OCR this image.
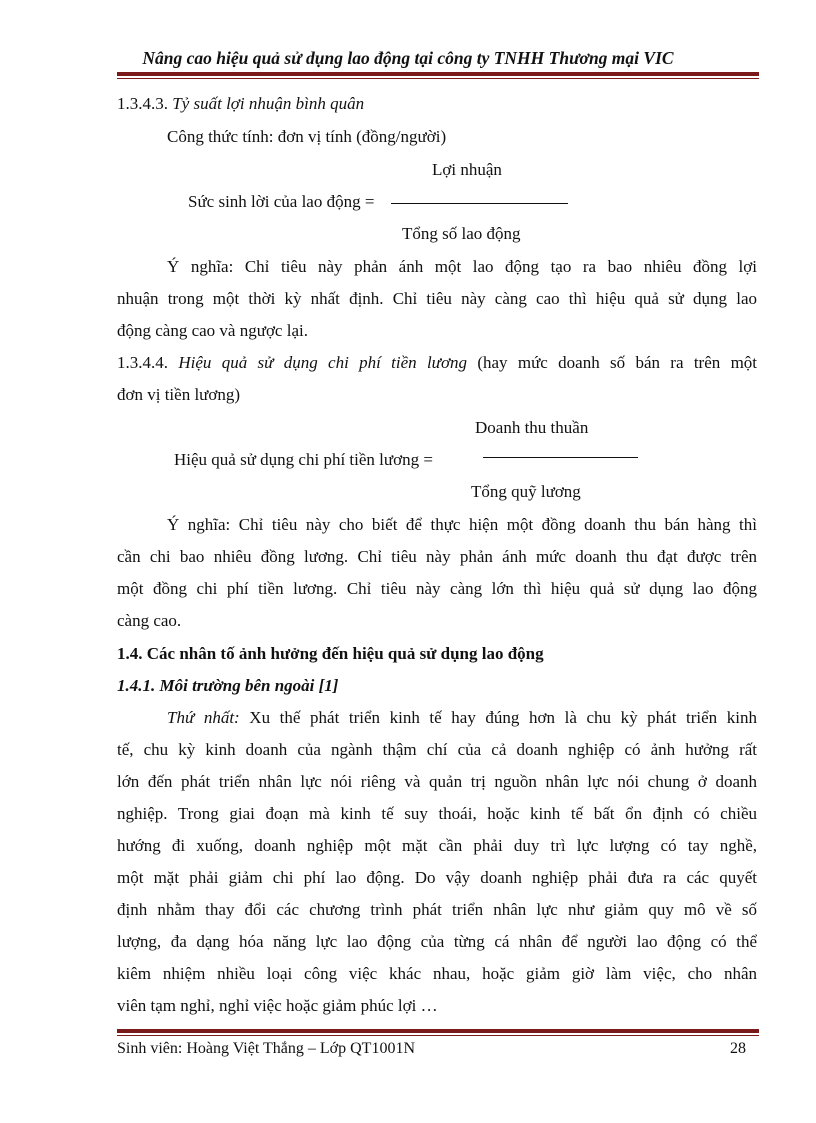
Nâng cao hiệu quả sử dụng lao động tại công ty TNHH Thương mại VIC
1.3.4.3. Tỷ suất lợi nhuận bình quân
Công thức tính: đơn vị tính (đồng/người)
Lợi nhuận
Sức sinh lời của lao động =
Tổng số lao động
Ý nghĩa: Chỉ tiêu này phản ánh một lao động tạo ra bao nhiêu đồng lợi
nhuận trong một thời kỳ nhất định. Chỉ tiêu này càng cao thì hiệu quả sử dụng lao
động càng cao và ngược lại.
1.3.4.4. Hiệu quả sử dụng chi phí tiền lương (hay mức doanh số bán ra trên một
đơn vị tiền lương)
Doanh thu thuần
Hiệu quả sử dụng chi phí tiền lương =
Tổng quỹ lương
Ý nghĩa: Chỉ tiêu này cho biết để thực hiện một đồng doanh thu bán hàng thì
cần chi bao nhiêu đồng lương. Chỉ tiêu này phản ánh mức doanh thu đạt được trên
một đồng chi phí tiền lương. Chỉ tiêu này càng lớn thì hiệu quả sử dụng lao động
càng cao.
1.4. Các nhân tố ảnh hưởng đến hiệu quả sử dụng lao động
1.4.1. Môi trường bên ngoài [1]
Thứ nhất: Xu thế phát triển kinh tế hay đúng hơn là chu kỳ phát triển kinh
tế, chu kỳ kinh doanh của ngành thậm chí của cả doanh nghiệp có ảnh hưởng rất
lớn đến phát triển nhân lực nói riêng và quản trị nguồn nhân lực nói chung ở doanh
nghiệp. Trong giai đoạn mà kinh tế suy thoái, hoặc kinh tế bất ổn định có chiều
hướng đi xuống, doanh nghiệp một mặt cần phải duy trì lực lượng có tay nghề,
một mặt phải giảm chi phí lao động. Do vậy doanh nghiệp phải đưa ra các quyết
định nhằm thay đổi các chương trình phát triển nhân lực như giảm quy mô về số
lượng, đa dạng hóa năng lực lao động của từng cá nhân để người lao động có thể
kiêm nhiệm nhiều loại công việc khác nhau, hoặc giảm giờ làm việc, cho nhân
viên tạm nghỉ, nghỉ việc hoặc giảm phúc lợi …
Sinh viên: Hoàng Việt Thắng – Lớp QT1001N	28
